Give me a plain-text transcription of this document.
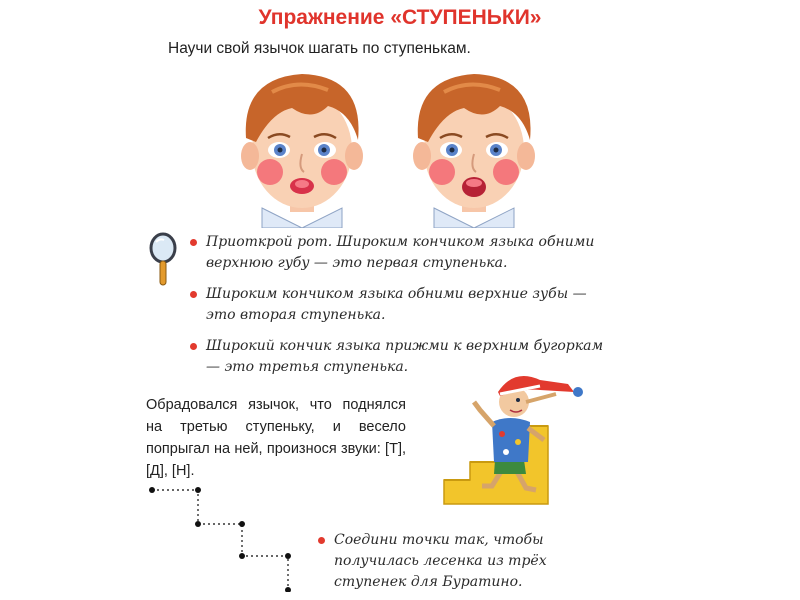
Упражнение «СТУПЕНЬКИ»
Научи свой язычок шагать по ступенькам.
Приоткрой рот. Широким кончиком языка обними верхнюю губу — это первая ступенька.
Широким кончиком языка обними верхние зубы — это вторая ступенька.
Широкий кончик языка прижми к верхним бугоркам — это третья ступенька.
Обрадовался язычок, что поднялся на третью ступеньку, и весело попрыгал на ней, произнося звуки: [Т], [Д], [Н].
Соедини точки так, чтобы получилась лесенка из трёх ступенек для Буратино.
